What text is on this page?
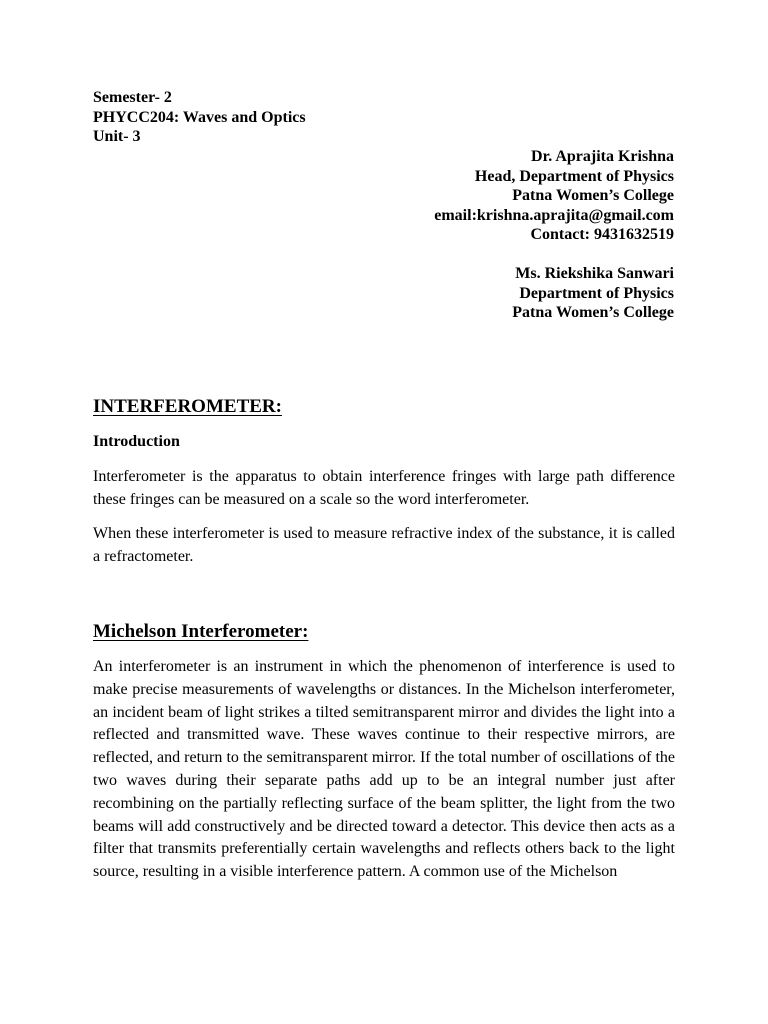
Semester- 2
PHYCC204: Waves and Optics
Unit- 3
Dr. Aprajita Krishna
Head, Department of Physics
Patna Women’s College
email:krishna.aprajita@gmail.com
Contact: 9431632519
Ms. Riekshika Sanwari
Department of Physics
Patna Women’s College
INTERFEROMETER:
Introduction

Interferometer is the apparatus to obtain interference fringes with large path difference these fringes can be measured on a scale so the word interferometer.

When these interferometer is used to measure refractive index of the substance, it is called a refractometer.

Michelson Interferometer:

An interferometer is an instrument in which the phenomenon of interference is used to make precise measurements of wavelengths or distances. In the Michelson interferometer, an incident beam of light strikes a tilted semitransparent mirror and divides the light into a reflected and transmitted wave. These waves continue to their respective mirrors, are reflected, and return to the semitransparent mirror. If the total number of oscillations of the two waves during their separate paths add up to be an integral number just after recombining on the partially reflecting surface of the beam splitter, the light from the two beams will add constructively and be directed toward a detector. This device then acts as a filter that transmits preferentially certain wavelengths and reflects others back to the light source, resulting in a visible interference pattern. A common use of the Michelson
